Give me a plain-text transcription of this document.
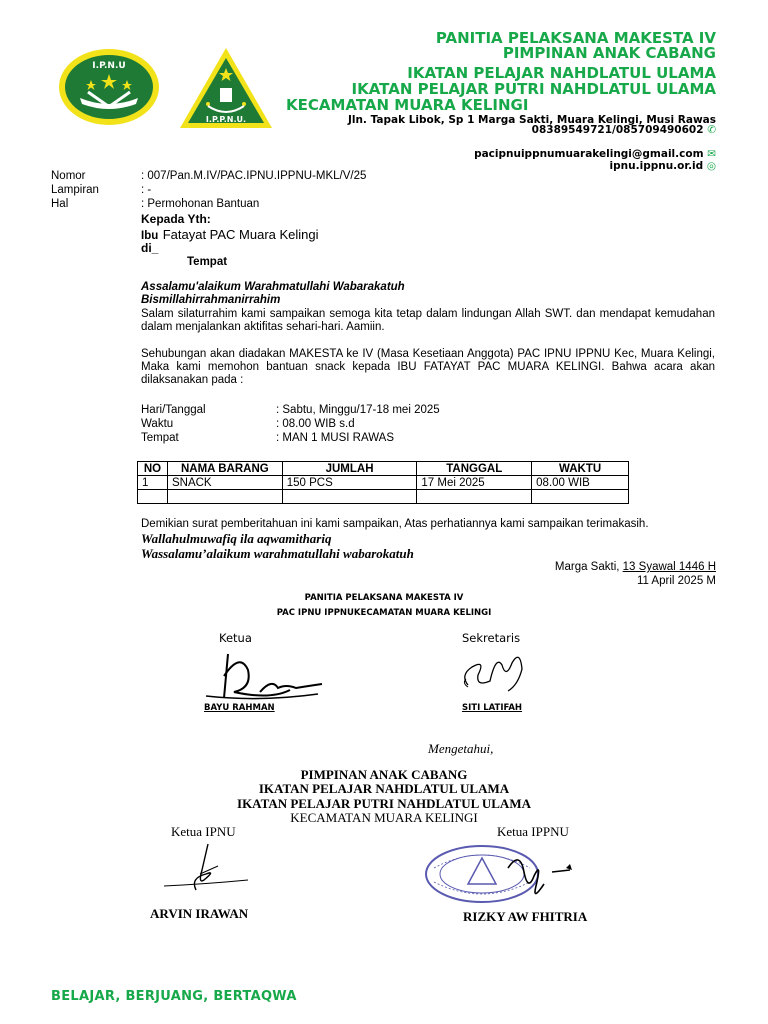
I.P.N.U
I.P.P.N.U.
PANITIA PELAKSANA MAKESTA IV
PIMPINAN ANAK CABANG
IKATAN PELAJAR NAHDLATUL ULAMA
IKATAN PELAJAR PUTRI NAHDLATUL ULAMA
KECAMATAN MUARA KELINGI
Jln. Tapak Libok, Sp 1 Marga Sakti, Muara Kelingi, Musi Rawas
08389549721/085709490602 ✆
pacipnuippnumuarakelingi@gmail.com ✉
ipnu.ippnu.or.id ◎
Nomor	: 007/Pan.M.IV/PAC.IPNU.IPPNU-MKL/V/25
Lampiran	: -
Hal	: Permohonan Bantuan
Kepada Yth:
Ibu Fatayat PAC Muara Kelingi
di_
Tempat
Assalamu'alaikum Warahmatullahi Wabarakatuh
Bismillahirrahmanirrahim
Salam silaturrahim kami sampaikan semoga kita tetap dalam lindungan Allah SWT. dan mendapat kemudahan dalam menjalankan aktifitas sehari-hari. Aamiin.
Sehubungan akan diadakan MAKESTA ke IV (Masa Kesetiaan Anggota) PAC IPNU IPPNU Kec, Muara Kelingi, Maka kami memohon bantuan snack kepada IBU FATAYAT PAC MUARA KELINGI. Bahwa acara akan dilaksanakan pada :
Hari/Tanggal	: Sabtu, Minggu/17-18 mei 2025
Waktu	: 08.00 WIB s.d
Tempat	: MAN 1 MUSI RAWAS
NO	NAMA BARANG	JUMLAH	TANGGAL	WAKTU
1	SNACK	150 PCS	17 Mei 2025	08.00 WIB

Demikian surat pemberitahuan ini kami sampaikan, Atas perhatiannya kami sampaikan terimakasih.
Wallahulmuwafiq ila aqwamithariq
Wassalamu’alaikum warahmatullahi wabarokatuh
Marga Sakti, 13 Syawal 1446 H
11 April 2025 M
PANITIA PELAKSANA MAKESTA IV
PAC IPNU IPPNUKECAMATAN MUARA KELINGI
Ketua	Sekretaris
BAYU RAHMAN	SITI LATIFAH
Mengetahui,
PIMPINAN ANAK CABANG
IKATAN PELAJAR NAHDLATUL ULAMA
IKATAN PELAJAR PUTRI NAHDLATUL ULAMA
KECAMATAN MUARA KELINGI
Ketua IPNU	Ketua IPPNU
ARVIN IRAWAN	RIZKY AW FHITRIA
BELAJAR, BERJUANG, BERTAQWA
